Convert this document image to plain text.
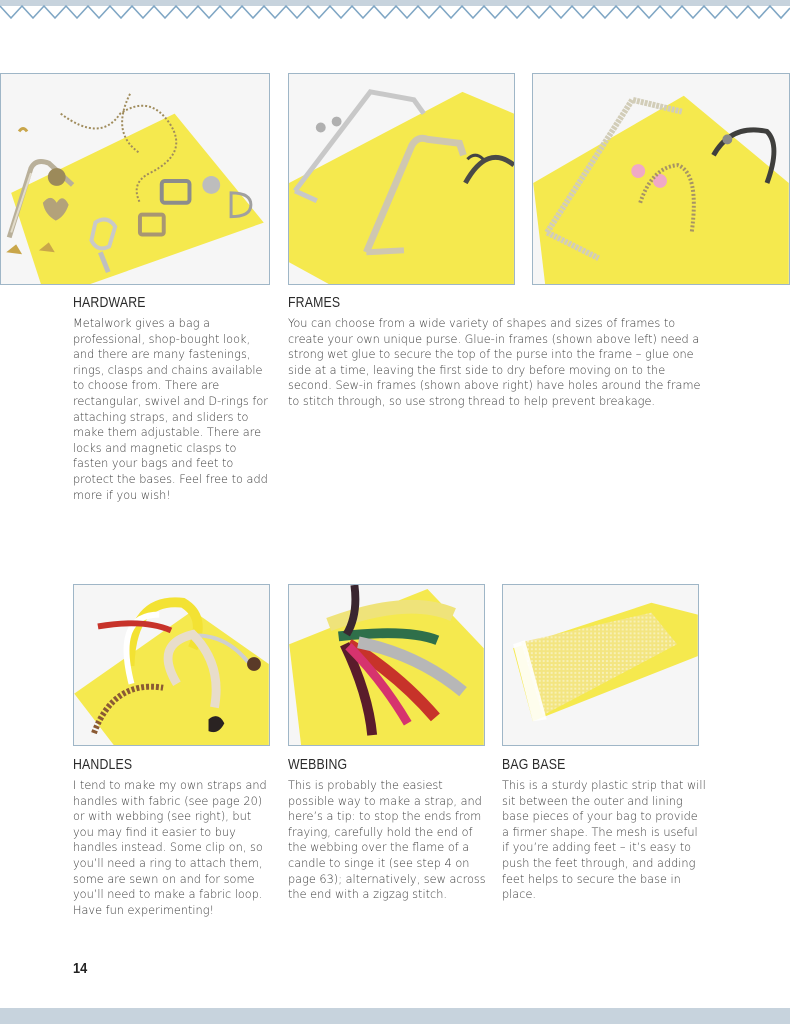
HARDWARE
Metalwork gives a bag a professional, shop-bought look, and there are many fastenings, rings, clasps and chains available to choose from. There are rectangular, swivel and D-rings for attaching straps, and sliders to make them adjustable. There are locks and magnetic clasps to fasten your bags and feet to protect the bases. Feel free to add more if you wish!
FRAMES
You can choose from a wide variety of shapes and sizes of frames to create your own unique purse. Glue-in frames (shown above left) need a strong wet glue to secure the top of the purse into the frame – glue one side at a time, leaving the first side to dry before moving on to the second. Sew-in frames (shown above right) have holes around the frame to stitch through, so use strong thread to help prevent breakage.
HANDLES
I tend to make my own straps and handles with fabric (see page 20) or with webbing (see right), but you may find it easier to buy handles instead. Some clip on, so you’ll need a ring to attach them, some are sewn on and for some you’ll need to make a fabric loop. Have fun experimenting!
WEBBING
This is probably the easiest possible way to make a strap, and here’s a tip: to stop the ends from fraying, carefully hold the end of the webbing over the flame of a candle to singe it (see step 4 on page 63); alternatively, sew across the end with a zigzag stitch.
BAG BASE
This is a sturdy plastic strip that will sit between the outer and lining base pieces of your bag to provide a firmer shape. The mesh is useful if you’re adding feet – it’s easy to push the feet through, and adding feet helps to secure the base in place.
14
